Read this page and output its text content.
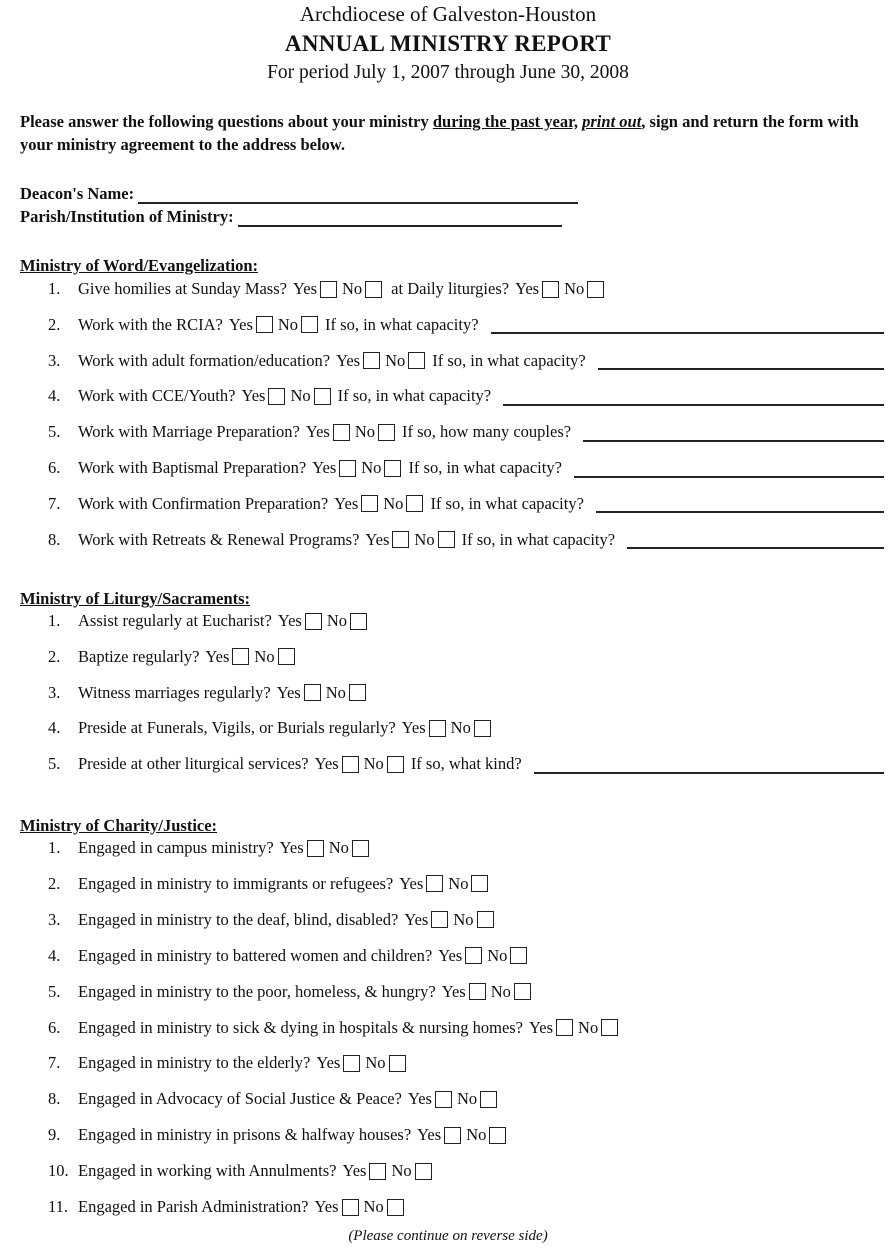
Archdiocese of Galveston-Houston
ANNUAL MINISTRY REPORT
For period July 1, 2007 through June 30, 2008
Please answer the following questions about your ministry during the past year, print out, sign and return the form with your ministry agreement to the address below.
Deacon's Name:
Parish/Institution of Ministry:
Ministry of Word/Evangelization:
1.	Give homilies at Sunday Mass? Yes No at Daily liturgies? Yes No
2.	Work with the RCIA? Yes No If so, in what capacity?
3.	Work with adult formation/education? Yes No If so, in what capacity?
4.	Work with CCE/Youth? Yes No If so, in what capacity?
5.	Work with Marriage Preparation? Yes No If so, how many couples?
6.	Work with Baptismal Preparation? Yes No If so, in what capacity?
7.	Work with Confirmation Preparation? Yes No If so, in what capacity?
8.	Work with Retreats & Renewal Programs? Yes No If so, in what capacity?
Ministry of Liturgy/Sacraments:
1.	Assist regularly at Eucharist? Yes No
2.	Baptize regularly? Yes No
3.	Witness marriages regularly? Yes No
4.	Preside at Funerals, Vigils, or Burials regularly? Yes No
5.	Preside at other liturgical services? Yes No If so, what kind?
Ministry of Charity/Justice:
1.	Engaged in campus ministry? Yes No
2.	Engaged in ministry to immigrants or refugees? Yes No
3.	Engaged in ministry to the deaf, blind, disabled? Yes No
4.	Engaged in ministry to battered women and children? Yes No
5.	Engaged in ministry to the poor, homeless, & hungry? Yes No
6.	Engaged in ministry to sick & dying in hospitals & nursing homes? Yes No
7.	Engaged in ministry to the elderly? Yes No
8.	Engaged in Advocacy of Social Justice & Peace? Yes No
9.	Engaged in ministry in prisons & halfway houses? Yes No
10. Engaged in working with Annulments? Yes No
11. Engaged in Parish Administration? Yes No
(Please continue on reverse side)
